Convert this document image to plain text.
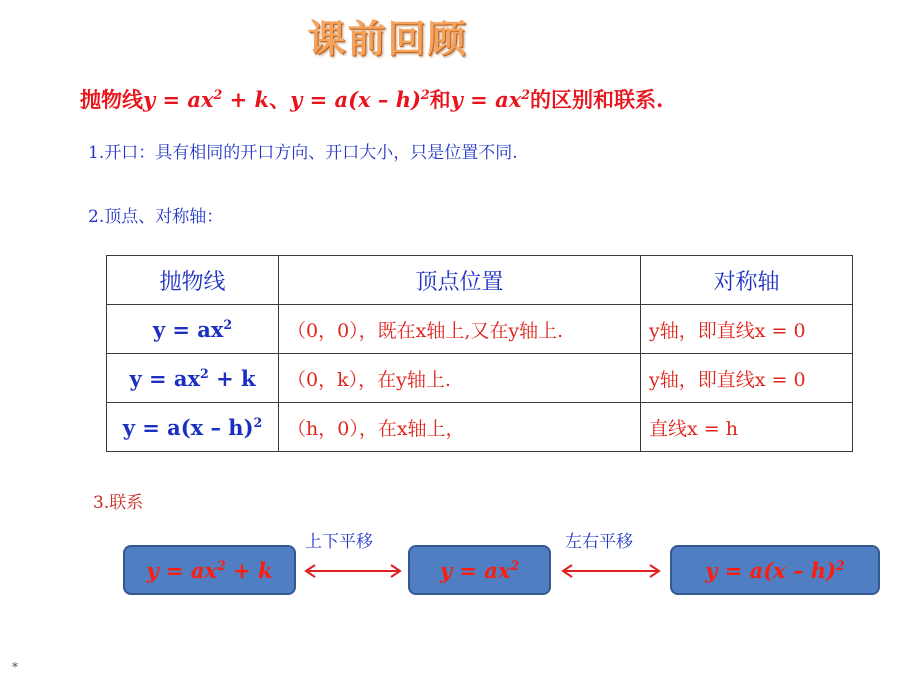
课前回顾
抛物线$y = ax^2 + k$、y = a(x – h)$^2$和$y = ax^2$的区别和联系.
1.开口：具有相同的开口方向、开口大小，只是位置不同.
2.顶点、对称轴：
抛物线	顶点位置	对称轴
$y = ax^2$	（0，0），既在x轴上,又在y轴上.	y轴，即直线x = 0
$y = ax^2 + k$	（0，k），在y轴上.	y轴，即直线x = 0
y = a(x – h)$^2$	（h，0），在x轴上，	直线x = h
3.联系
$y = ax^2 + k$
上下平移
$y = ax^2$
左右平移
y = a(x – h)$^2$
*
